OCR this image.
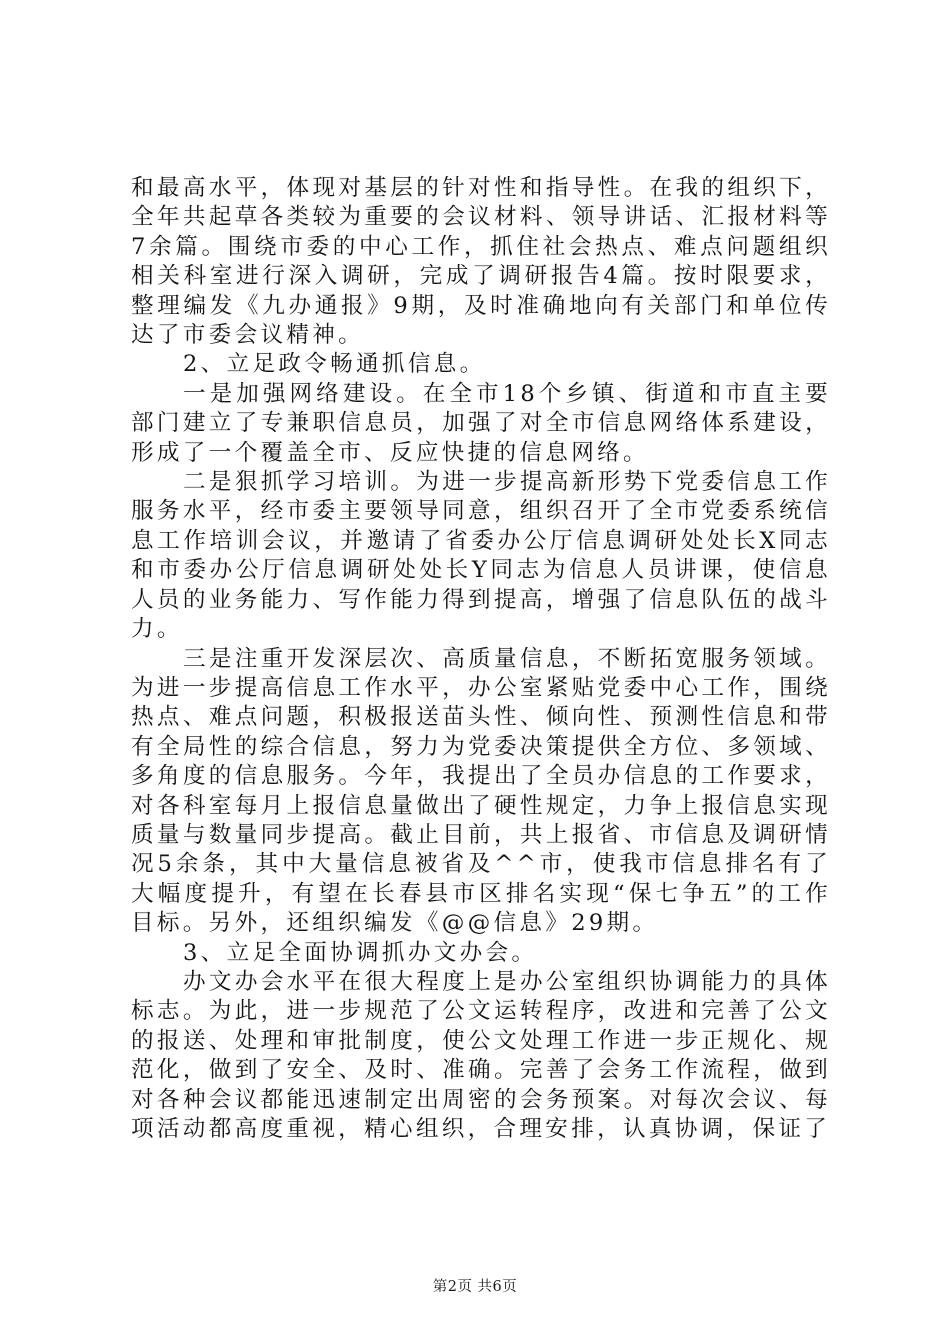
和最高水平，体现对基层的针对性和指导性。在我的组织下，全年共起草各类较为重要的会议材料、领导讲话、汇报材料等7余篇。围绕市委的中心工作，抓住社会热点、难点问题组织相关科室进行深入调研，完成了调研报告4篇。按时限要求，整理编发《九办通报》9期，及时准确地向有关部门和单位传达了市委会议精神。

2、立足政令畅通抓信息。

一是加强网络建设。在全市18个乡镇、街道和市直主要部门建立了专兼职信息员，加强了对全市信息网络体系建设，形成了一个覆盖全市、反应快捷的信息网络。

二是狠抓学习培训。为进一步提高新形势下党委信息工作服务水平，经市委主要领导同意，组织召开了全市党委系统信息工作培训会议，并邀请了省委办公厅信息调研处处长X同志和市委办公厅信息调研处处长Y同志为信息人员讲课，使信息人员的业务能力、写作能力得到提高，增强了信息队伍的战斗力。

三是注重开发深层次、高质量信息，不断拓宽服务领域。为进一步提高信息工作水平，办公室紧贴党委中心工作，围绕热点、难点问题，积极报送苗头性、倾向性、预测性信息和带有全局性的综合信息，努力为党委决策提供全方位、多领域、多角度的信息服务。今年，我提出了全员办信息的工作要求，对各科室每月上报信息量做出了硬性规定，力争上报信息实现质量与数量同步提高。截止目前，共上报省、市信息及调研情况5余条，其中大量信息被省及^^市，使我市信息排名有了大幅度提升，有望在长春县市区排名实现“保七争五”的工作目标。另外，还组织编发《@@信息》29期。

3、立足全面协调抓办文办会。

办文办会水平在很大程度上是办公室组织协调能力的具体标志。为此，进一步规范了公文运转程序，改进和完善了公文的报送、处理和审批制度，使公文处理工作进一步正规化、规范化，做到了安全、及时、准确。完善了会务工作流程，做到对各种会议都能迅速制定出周密的会务预案。对每次会议、每项活动都高度重视，精心组织，合理安排，认真协调，保证了

第2页 共6页
